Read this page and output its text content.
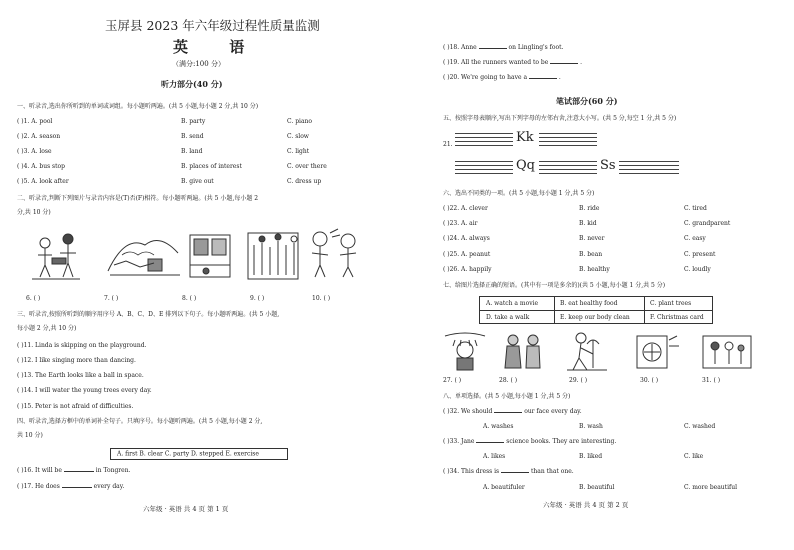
玉屏县 2023 年六年级过程性质量监测
英 语
（满分:100 分）
听力部分(40 分)
一、听录音,选出你所听到的单词或词组。每小题听两遍。(共 5 小题,每小题 2 分,共 10 分)
( )1. A. pool	B. party	C. piano
( )2. A. season	B. send	C. slow
( )3. A. lose	B. land	C. light
( )4. A. bus stop	B. places of interest	C. over there
( )5. A. look after	B. give out	C. dress up
二、听录音,判断下列图片与录音内容是(T)否(F)相符。每小题听两遍。(共 5 小题,每小题 2
分,共 10 分)
6. ( )	7. ( )	8. ( )	9. ( )	10. ( )
三、听录音,按照所听到的顺序用序号 A、B、C、D、E 排列以下句子。每小题听两遍。(共 5 小题,
每小题 2 分,共 10 分)
( )11. Linda is skipping on the playground.
( )12. I like singing more than dancing.
( )13. The Earth looks like a ball in space.
( )14. I will water the young trees every day.
( )15. Peter is not afraid of difficulties.
四、听录音,选择方框中的单词补全句子。只填序号。每小题听两遍。(共 5 小题,每小题 2 分,
共 10 分)
A. first B. clear C. party D. stepped E. exercise
( )16. It will be	in Tongren.
( )17. He does	every day.
六年级 · 英语 共 4 页 第 1 页
( )18. Anne	on Lingling's foot.
( )19. All the runners wanted to be	.
( )20. We're going to have a	.
笔试部分(60 分)
五、按照字母表顺序,写出下列字母的左邻右舍,注意大小写。(共 5 分,每空 1 分,共 5 分)
21.	Kk
Qq	Ss
六、选出不同类的一项。(共 5 小题,每小题 1 分,共 5 分)
( )22. A. clever	B. ride	C. tired
( )23. A. air	B. kid	C. grandparent
( )24. A. always	B. never	C. easy
( )25. A. peanut	B. bean	C. present
( )26. A. happily	B. healthy	C. loudly
七、给图片选择正确的短语。(其中有一项是多余的)(共 5 小题,每小题 1 分,共 5 分)
A. watch a movie	B. eat healthy food	C. plant trees
D. take a walk	E. keep our body clean	F. Christmas card
27. ( )	28. ( )	29. ( )	30. ( )	31. ( )
八、单项选择。(共 5 小题,每小题 1 分,共 5 分)
( )32. We should	our face every day.
A. washes	B. wash	C. washed
( )33. Jane	science books. They are interesting.
A. likes	B. liked	C. like
( )34. This dress is	than that one.
A. beautifuler	B. beautiful	C. more beautiful
六年级 · 英语 共 4 页 第 2 页
